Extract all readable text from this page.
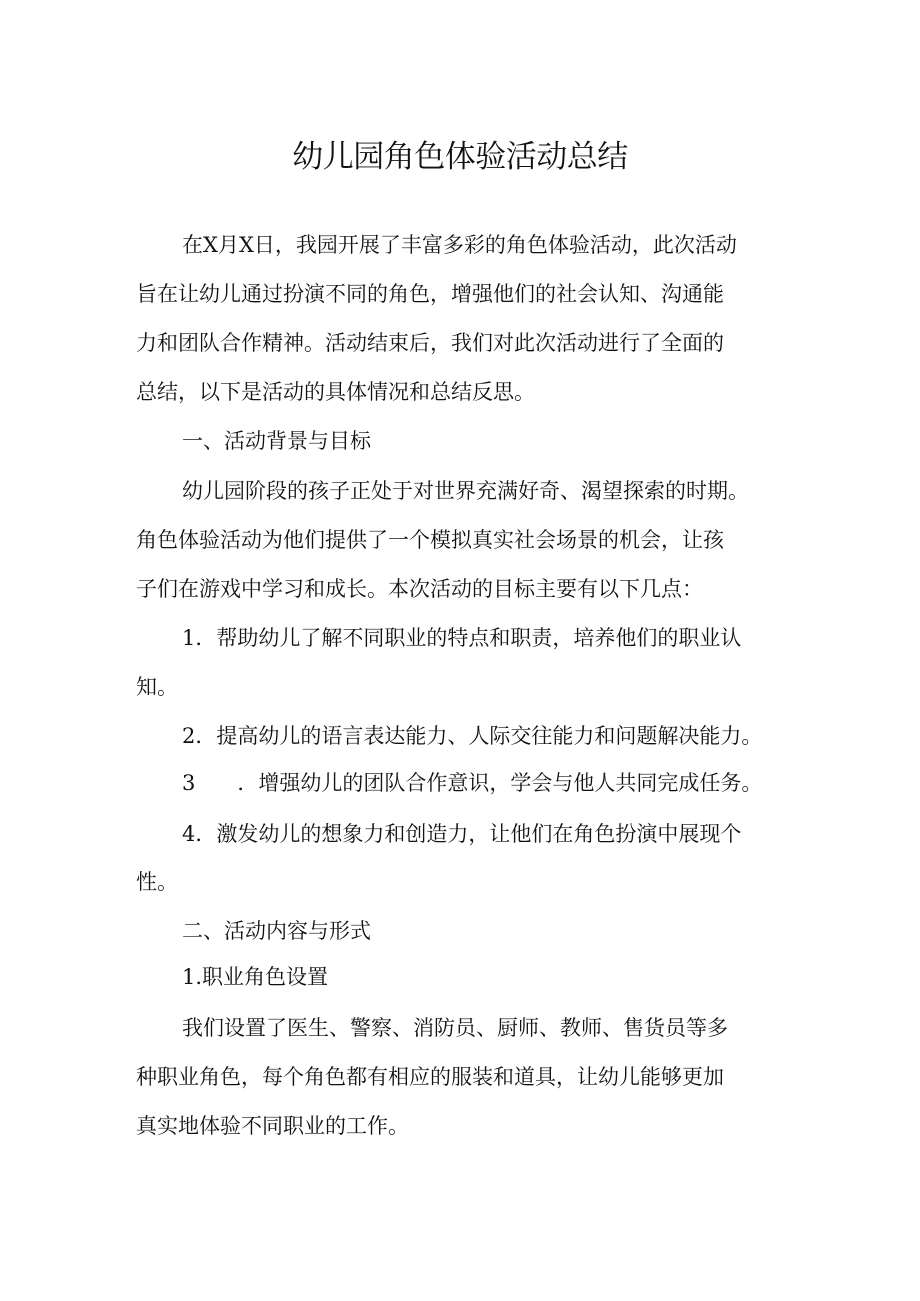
幼儿园角色体验活动总结
在X月X日，我园开展了丰富多彩的角色体验活动，此次活动
旨在让幼儿通过扮演不同的角色，增强他们的社会认知、沟通能
力和团队合作精神。活动结束后，我们对此次活动进行了全面的
总结，以下是活动的具体情况和总结反思。
一、活动背景与目标
幼儿园阶段的孩子正处于对世界充满好奇、渴望探索的时期。
角色体验活动为他们提供了一个模拟真实社会场景的机会，让孩
子们在游戏中学习和成长。本次活动的目标主要有以下几点：
1．帮助幼儿了解不同职业的特点和职责，培养他们的职业认
知。
2．提高幼儿的语言表达能力、人际交往能力和问题解决能力。
3　　．增强幼儿的团队合作意识，学会与他人共同完成任务。
4．激发幼儿的想象力和创造力，让他们在角色扮演中展现个
性。
二、活动内容与形式
1.职业角色设置
我们设置了医生、警察、消防员、厨师、教师、售货员等多
种职业角色，每个角色都有相应的服装和道具，让幼儿能够更加
真实地体验不同职业的工作。
